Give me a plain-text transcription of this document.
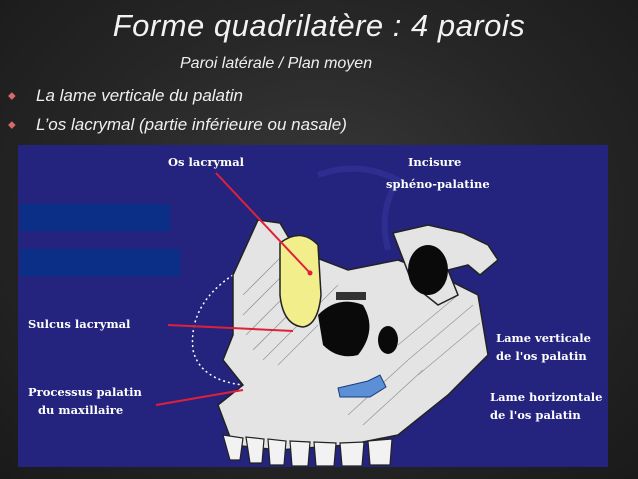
Forme quadrilatère : 4 parois
Paroi latérale / Plan moyen
⬥ La lame verticale du palatin
⬥ L’os lacrymal (partie inférieure ou nasale)
Os lacrymal	Incisure
sphéno-palatine
Sulcus lacrymal
Processus palatin
du maxillaire
Lame verticale
de l'os palatin
Lame horizontale
de l'os palatin
